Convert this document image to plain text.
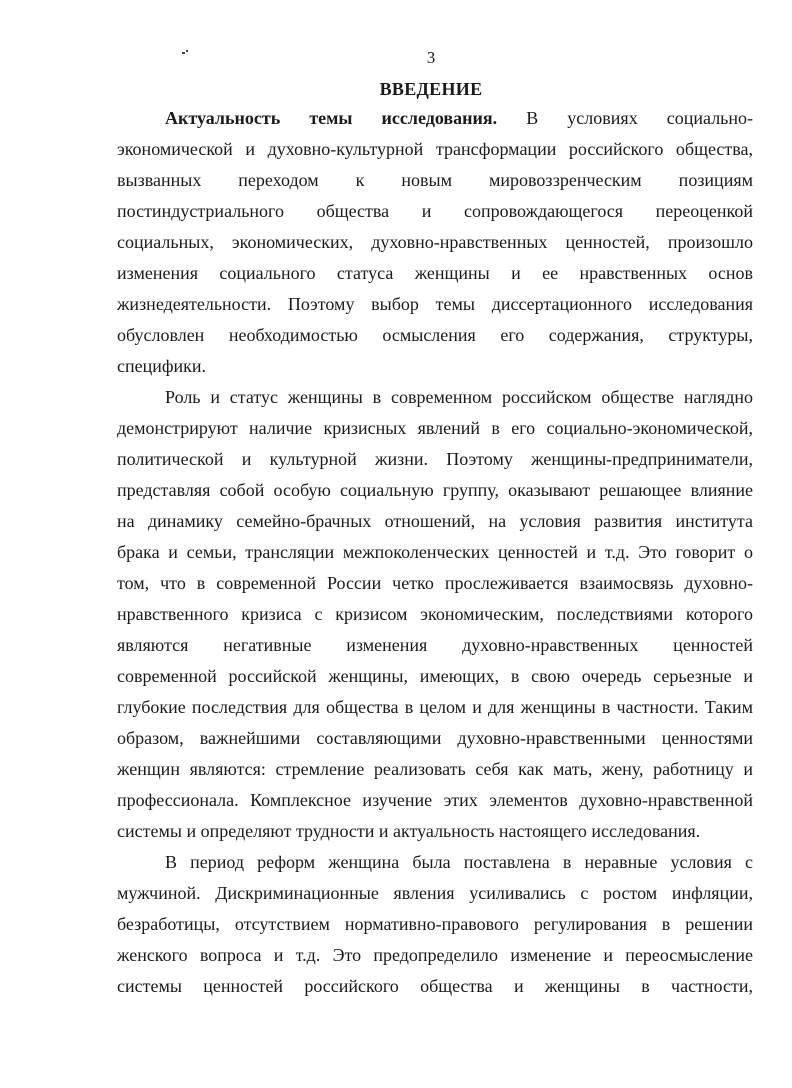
3
ВВЕДЕНИЕ
Актуальность темы исследования. В условиях социально-
экономической и духовно-культурной трансформации российского общества,
вызванных переходом к новым мировоззренческим позициям
постиндустриального общества и сопровождающегося переоценкой
социальных, экономических, духовно-нравственных ценностей, произошло
изменения социального статуса женщины и ее нравственных основ
жизнедеятельности. Поэтому выбор темы диссертационного исследования
обусловлен необходимостью осмысления его содержания, структуры,
специфики.
Роль и статус женщины в современном российском обществе наглядно
демонстрируют наличие кризисных явлений в его социально-экономической,
политической и культурной жизни. Поэтому женщины-предприниматели,
представляя собой особую социальную группу, оказывают решающее влияние
на динамику семейно-брачных отношений, на условия развития института
брака и семьи, трансляции межпоколенческих ценностей и т.д. Это говорит о
том, что в современной России четко прослеживается взаимосвязь духовно-
нравственного кризиса с кризисом экономическим, последствиями которого
являются негативные изменения духовно-нравственных ценностей
современной российской женщины, имеющих, в свою очередь серьезные и
глубокие последствия для общества в целом и для женщины в частности. Таким
образом, важнейшими составляющими духовно-нравственными ценностями
женщин являются: стремление реализовать себя как мать, жену, работницу и
профессионала. Комплексное изучение этих элементов духовно-нравственной
системы и определяют трудности и актуальность настоящего исследования.
В период реформ женщина была поставлена в неравные условия с
мужчиной. Дискриминационные явления усиливались с ростом инфляции,
безработицы, отсутствием нормативно-правового регулирования в решении
женского вопроса и т.д. Это предопределило изменение и переосмысление
системы ценностей российского общества и женщины в частности,
